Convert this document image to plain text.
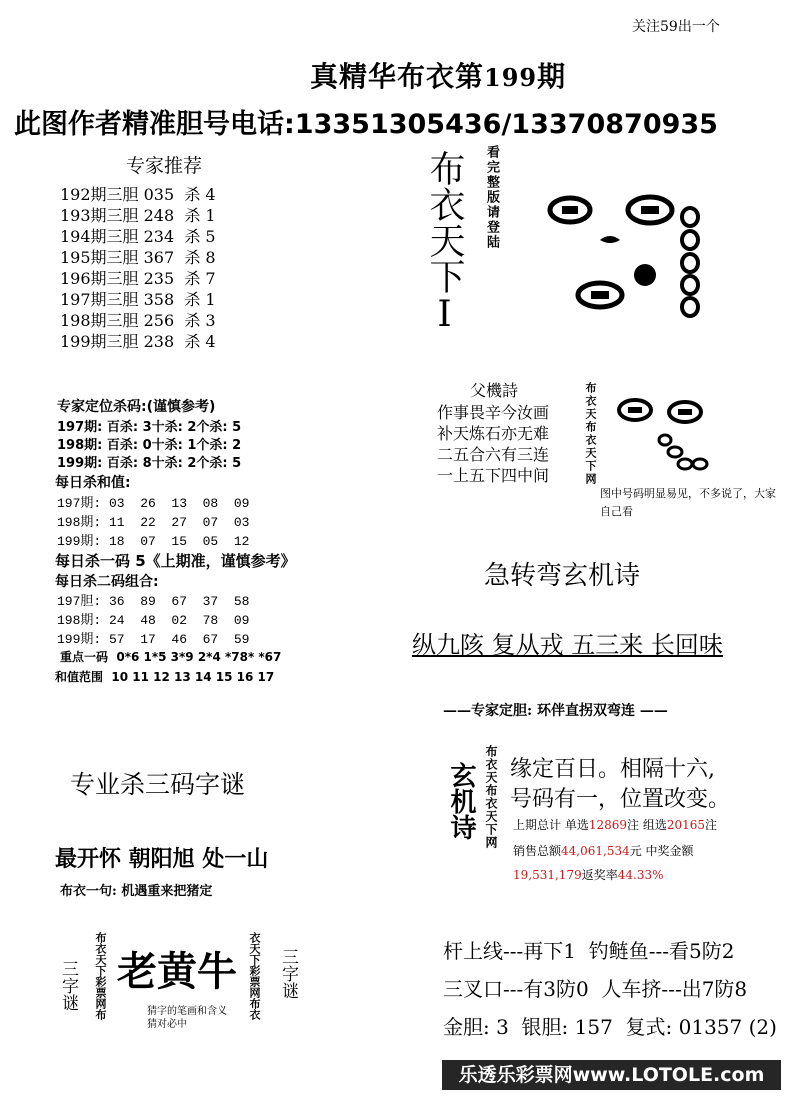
关注59出一个
真精华布衣第199期
此图作者精准胆号电话:13351305436/13370870935
专家推荐
192期三胆 035  杀 4
193期三胆 248  杀 1
194期三胆 234  杀 5
195期三胆 367  杀 8
196期三胆 235  杀 7
197期三胆 358  杀 1
198期三胆 256  杀 3
199期三胆 238  杀 4
专家定位杀码:(谨慎参考)
197期: 百杀: 3十杀: 2个杀: 5
198期: 百杀: 0十杀: 1个杀: 2
199期: 百杀: 8十杀: 2个杀: 5
每日杀和值:
197期: 03  26  13  08  09
198期: 11  22  27  07  03
199期: 18  07  15  05  12
每日杀一码 5《上期准，谨慎参考》
每日杀二码组合:
197胆: 36  89  67  37  58
198期: 24  48  02  78  09
199期: 57  17  46  67  59
重点一码  0*6 1*5 3*9 2*4 *78* *67
和值范围  10 11 12 13 14 15 16 17
布衣天下I 看完整版请登陆
父機詩
作事畏辛今汝画
补天炼石亦无难
二五合六有三连
一上五下四中间	布衣天布衣天下网
图中号码明显易见，不多说了，大家自己看
急转弯玄机诗
纵九陔 复从戎 五三来 长回味
——专家定胆: 环伴直拐双弯连 ——
玄机诗 布衣天布衣天下网 缘定百日。相隔十六,
号码有一，位置改变。
上期总计 单选12869注 组选20165注
销售总额44,061,534元 中奖金额
19,531,179返奖率44.33%
专业杀三码字谜
最开怀 朝阳旭 处一山
布衣一句: 机遇重来把猪定
三字谜 布衣天下彩票网布 老黄牛
猜字的笔画和含义 猜对必中
衣天下彩票网布衣 三字谜	杆上线---再下1  钓鲢鱼---看5防2
三叉口---有3防0  人车挤---出7防8
金胆: 3  银胆: 157  复式: 01357 (2)
乐透乐彩票网www.LOTOLE.com
